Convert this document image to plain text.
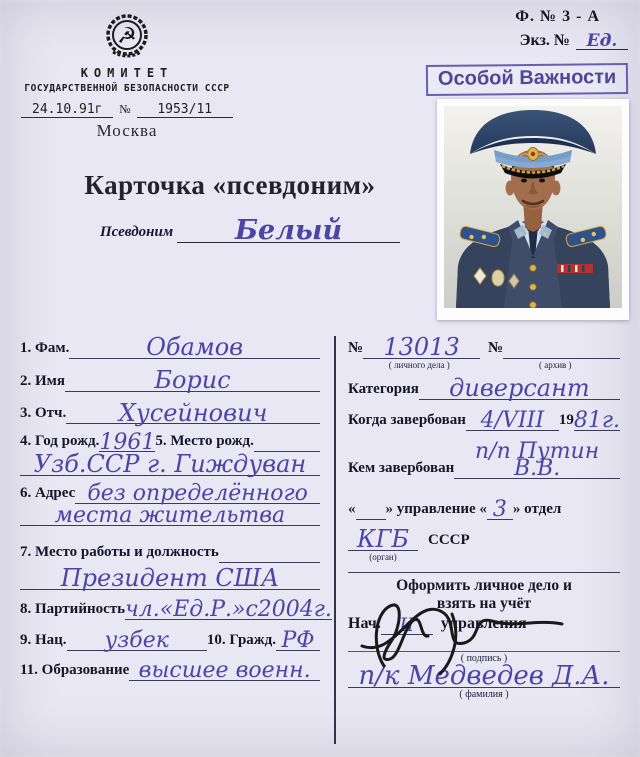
☭
КОМИТЕТ
ГОСУДАРСТВЕННОЙ БЕЗОПАСНОСТИ СССР
24.10.91г	№	1953/11
Москва
Ф. № 3 - А
Экз. № Ед.
Особой Важности
Карточка «псевдоним»
Псевдоним	Белый
1. Фам.	Обамов
2. Имя	Борис
3. Отч.	Хусейнович
4. Год рожд. 1961 5. Место рожд.

Узб.ССР г. Гиждуван
6. Адрес без определённого
места жительтва
7. Место работы и должность

Президент США
8. Партийность чл.«Ед.Р.»с2004г.
9. Нац.	узбек	10. Гражд. РФ
11. Образование высшее военн.
№ 13013	№

( личного дела )	( архив )
Категория	диверсант
Когда завербован 4/VIII 19 81г.
Кем завербован
п/п Путин В.В.
«
» управление « 3 » отдел
КГБ	СССР
(орган)
Оформить личное дело и
взять на учёт
Нач. II	управления
( подпись )
п/к Медведев Д.А.
( фамилия )
